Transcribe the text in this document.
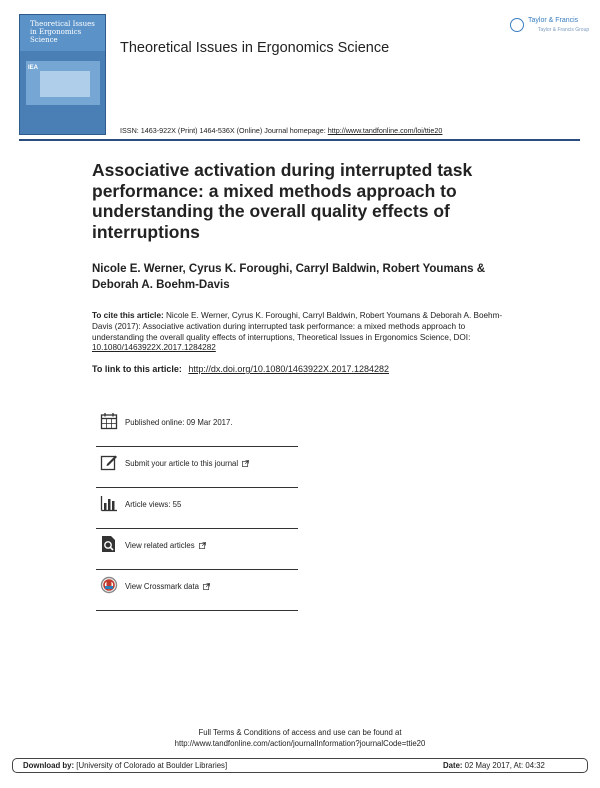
Theoretical Issues in Ergonomics Science
IEA
Theoretical Issues in Ergonomics Science
Taylor & Francis
Taylor & Francis Group
ISSN: 1463-922X (Print) 1464-536X (Online) Journal homepage: http://www.tandfonline.com/loi/ttie20
Associative activation during interrupted task performance: a mixed methods approach to understanding the overall quality effects of interruptions
Nicole E. Werner, Cyrus K. Foroughi, Carryl Baldwin, Robert Youmans & Deborah A. Boehm-Davis
To cite this article: Nicole E. Werner, Cyrus K. Foroughi, Carryl Baldwin, Robert Youmans & Deborah A. Boehm-Davis (2017): Associative activation during interrupted task performance: a mixed methods approach to understanding the overall quality effects of interruptions, Theoretical Issues in Ergonomics Science, DOI: 10.1080/1463922X.2017.1284282
To link to this article: http://dx.doi.org/10.1080/1463922X.2017.1284282
Published online: 09 Mar 2017.
Submit your article to this journal
Article views: 55
View related articles
View Crossmark data
Full Terms & Conditions of access and use can be found at
http://www.tandfonline.com/action/journalInformation?journalCode=ttie20
Download by: [University of Colorado at Boulder Libraries]	Date: 02 May 2017, At: 04:32
